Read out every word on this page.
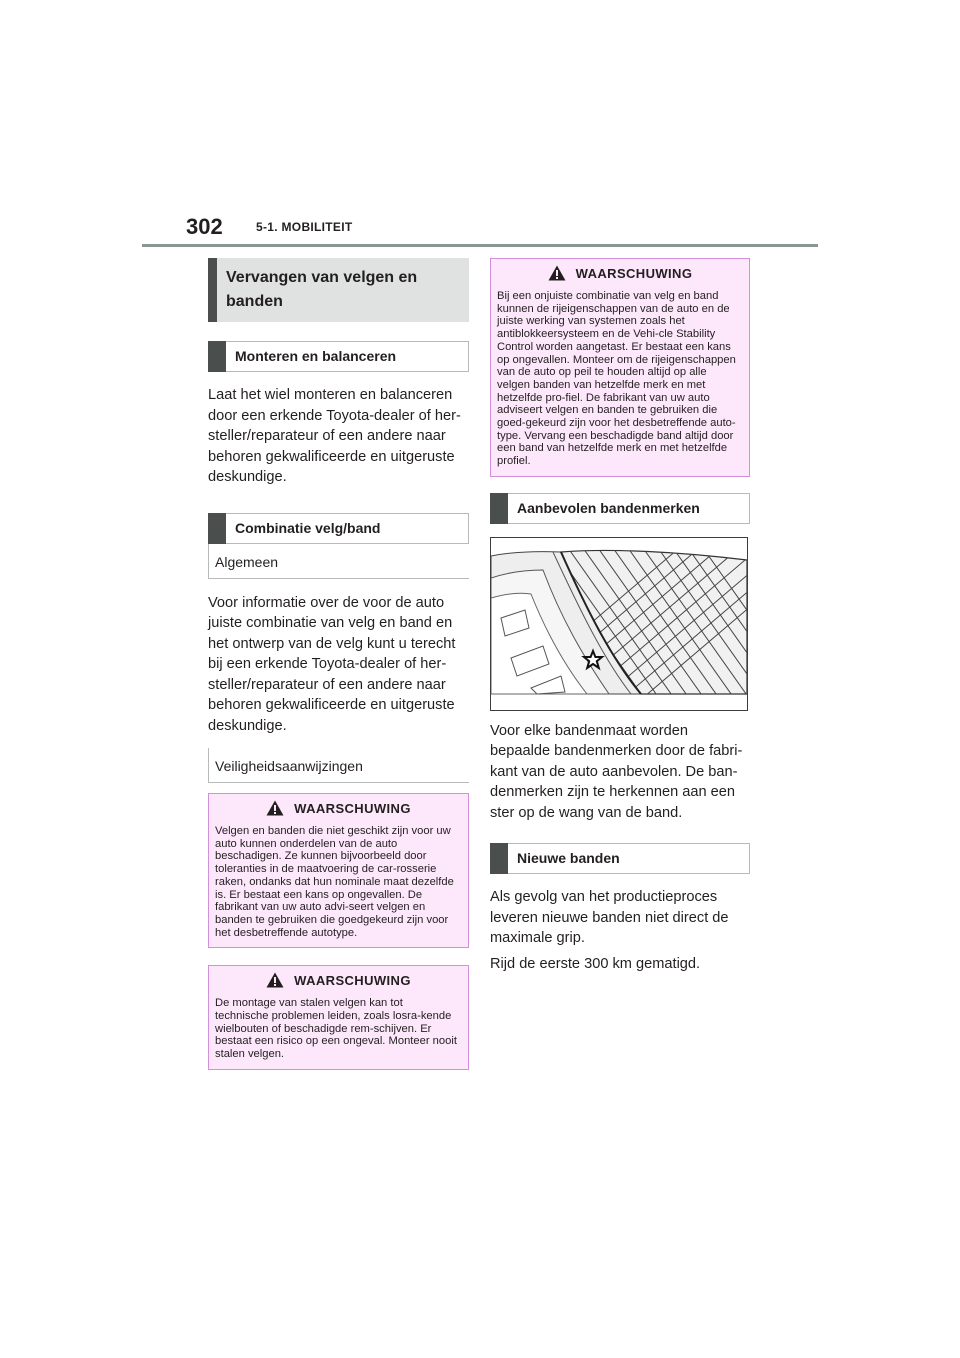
302	5-1. MOBILITEIT
Vervangen van velgen en banden
Monteren en balanceren

Laat het wiel monteren en balanceren door een erkende Toyota-dealer of her-steller/reparateur of een andere naar behoren gekwalificeerde en uitgeruste deskundige.

Combinatie velg/band
Algemeen

Voor informatie over de voor de auto juiste combinatie van velg en band en het ontwerp van de velg kunt u terecht bij een erkende Toyota-dealer of her-steller/reparateur of een andere naar behoren gekwalificeerde en uitgeruste deskundige.

Veiligheidsaanwijzingen
WAARSCHUWING
Velgen en banden die niet geschikt zijn voor uw auto kunnen onderdelen van de auto beschadigen. Ze kunnen bijvoorbeeld door toleranties in de maatvoering de car-rosserie raken, ondanks dat hun nominale maat dezelfde is. Er bestaat een kans op ongevallen. De fabrikant van uw auto advi-seert velgen en banden te gebruiken die goedgekeurd zijn voor het desbetreffende autotype.
WAARSCHUWING
De montage van stalen velgen kan tot technische problemen leiden, zoals losra-kende wielbouten of beschadigde rem-schijven. Er bestaat een risico op een ongeval. Monteer nooit stalen velgen.
WAARSCHUWING
Bij een onjuiste combinatie van velg en band kunnen de rijeigenschappen van de auto en de juiste werking van systemen zoals het antiblokkeersysteem en de Vehi-cle Stability Control worden aangetast. Er bestaat een kans op ongevallen. Monteer om de rijeigenschappen van de auto op peil te houden altijd op alle velgen banden van hetzelfde merk en met hetzelfde pro-fiel. De fabrikant van uw auto adviseert velgen en banden te gebruiken die goed-gekeurd zijn voor het desbetreffende auto-type. Vervang een beschadigde band altijd door een band van hetzelfde merk en met hetzelfde profiel.
Aanbevolen bandenmerken

Voor elke bandenmaat worden bepaalde bandenmerken door de fabri-kant van de auto aanbevolen. De ban-denmerken zijn te herkennen aan een ster op de wang van de band.

Nieuwe banden

Als gevolg van het productieproces leveren nieuwe banden niet direct de maximale grip.

Rijd de eerste 300 km gematigd.
